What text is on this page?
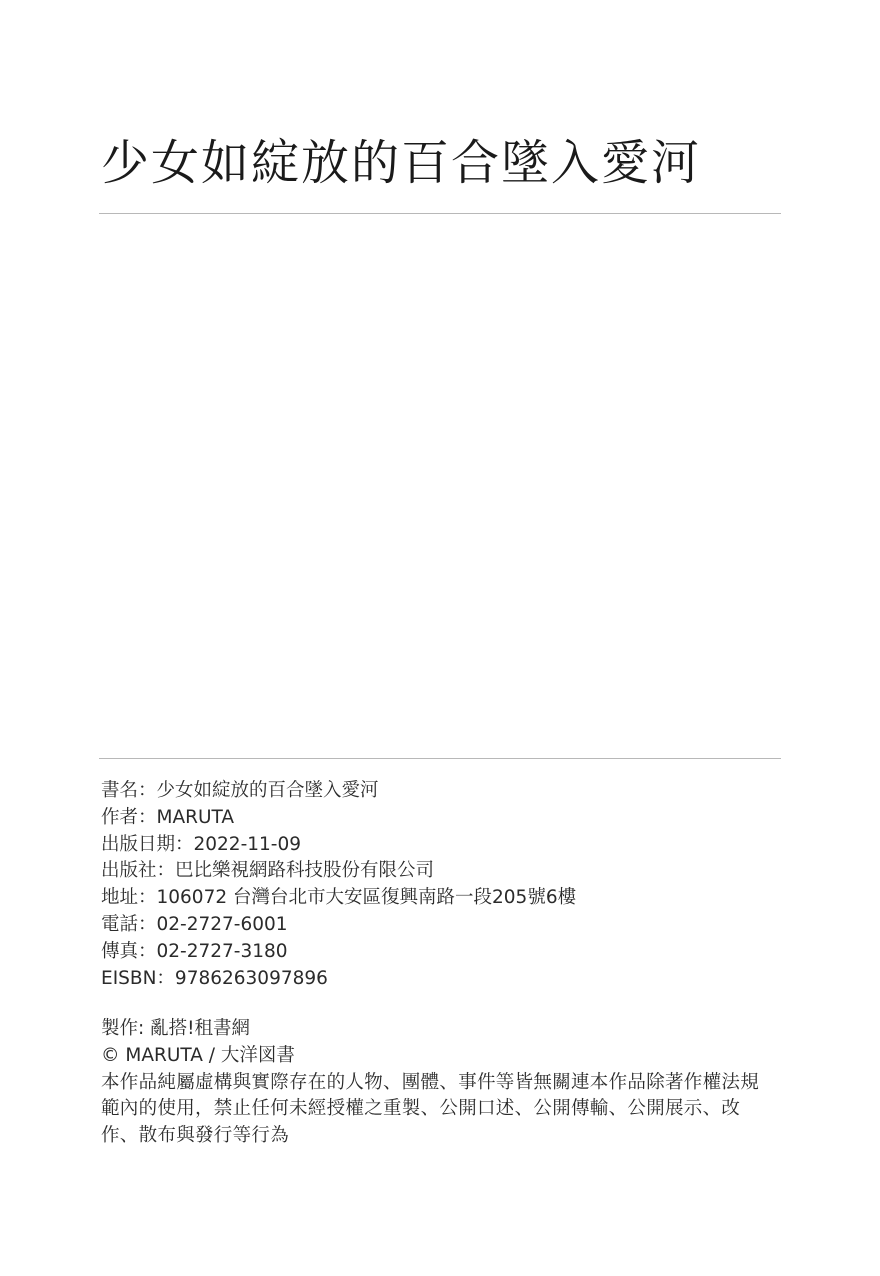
少女如綻放的百合墜入愛河
書名：少女如綻放的百合墜入愛河
作者：MARUTA
出版日期：2022-11-09
出版社：巴比樂視網路科技股份有限公司
地址：106072 台灣台北市大安區復興南路一段205號6樓
電話：02-2727-6001
傳真：02-2727-3180
EISBN：9786263097896
製作: 亂搭!租書網
© MARUTA / 大洋図書
本作品純屬虛構與實際存在的人物、團體、事件等皆無關連本作品除著作權法規範內的使用，禁止任何未經授權之重製、公開口述、公開傳輸、公開展示、改作、散布與發行等行為
